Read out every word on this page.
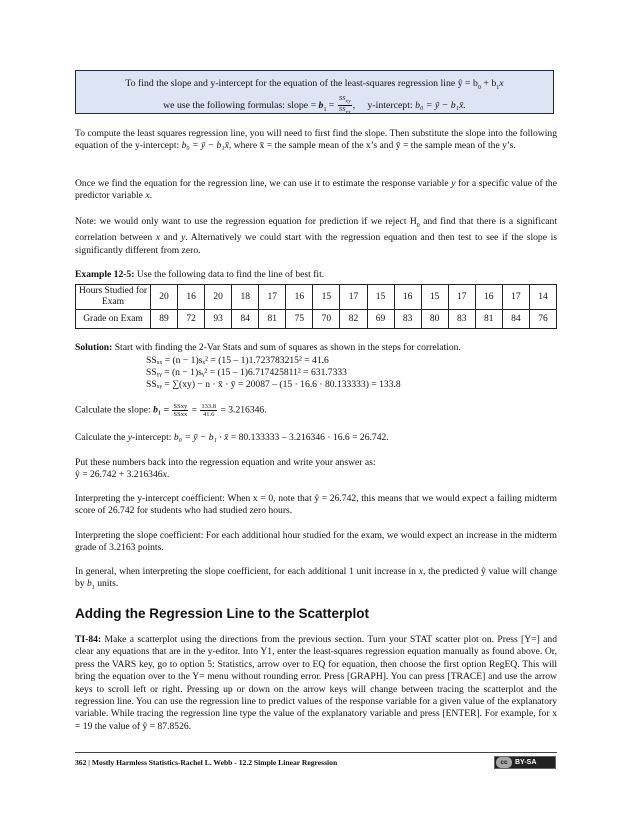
To find the slope and y-intercept for the equation of the least-squares regression line ŷ = $b_0 + b_1x$
we use the following formulas: slope = $b_1 = \frac{SS_{xy}}{SS_{xx}}$ ,     y-intercept: b₀ = ȳ − b₁x̄.

To compute the least squares regression line, you will need to first find the slope. Then substitute the slope into the following equation of the y-intercept: b₀ = ȳ − b₁x̄, where x̄ = the sample mean of the x’s and ȳ = the sample mean of the y’s.

Once we find the equation for the regression line, we can use it to estimate the response variable y for a specific value of the predictor variable x.

Note: we would only want to use the regression equation for prediction if we reject $H_0$ and find that there is a significant correlation between x and y. Alternatively we could start with the regression equation and then test to see if the slope is significantly different from zero.

Example 12-5: Use the following data to find the line of best fit.

Hours Studied for Exam	20	16	20	18	17	16	15	17	15	16	15	17	16	17	14
Grade on Exam	89	72	93	84	81	75	70	82	69	83	80	83	81	84	76

Solution: Start with finding the 2-Var Stats and sum of squares as shown in the steps for correlation.

SSₓₓ = (n − 1)sₓ² = (15 – 1)1.723783215² = 41.6

SSᵧᵧ = (n − 1)sᵧ² = (15 – 1)6.717425811² = 631.7333

SSₓᵧ = ∑(xy) − n · x̄ · ȳ = 20087 – (15 · 16.6 · 80.133333) = 133.8

Calculate the slope: $b_1 = \frac{\text{SSxy}}{\text{SSxx}} = \frac{133.8}{41.6} = 3.216346$.

Calculate the y-intercept: b₀ = ȳ − b₁ · x̄ = 80.133333 – 3.216346 · 16.6 = 26.742.

Put these numbers back into the regression equation and write your answer as:
ŷ = 26.742 + 3.216346x.

Interpreting the y-intercept coefficient: When x = 0, note that ŷ = 26.742, this means that we would expect a failing midterm score of 26.742 for students who had studied zero hours.

Interpreting the slope coefficient: For each additional hour studied for the exam, we would expect an increase in the midterm grade of 3.2163 points.

In general, when interpreting the slope coefficient, for each additional 1 unit increase in x, the predicted ŷ value will change by $b_1$ units.

Adding the Regression Line to the Scatterplot

TI-84: Make a scatterplot using the directions from the previous section. Turn your STAT scatter plot on. Press [Y=] and clear any equations that are in the y-editor. Into Y1, enter the least-squares regression equation manually as found above. Or, press the VARS key, go to option 5: Statistics, arrow over to EQ for equation, then choose the first option RegEQ. This will bring the equation over to the Y= menu without rounding error. Press [GRAPH]. You can press [TRACE] and use the arrow keys to scroll left or right. Pressing up or down on the arrow keys will change between tracing the scatterplot and the regression line. You can use the regression line to predict values of the response variable for a given value of the explanatory variable. While tracing the regression line type the value of the explanatory variable and press [ENTER]. For example, for x = 19 the value of ŷ = 87.8526.

362 | Mostly Harmless Statistics-Rachel L. Webb - 12.2 Simple Linear Regression	cc	BY-SA
